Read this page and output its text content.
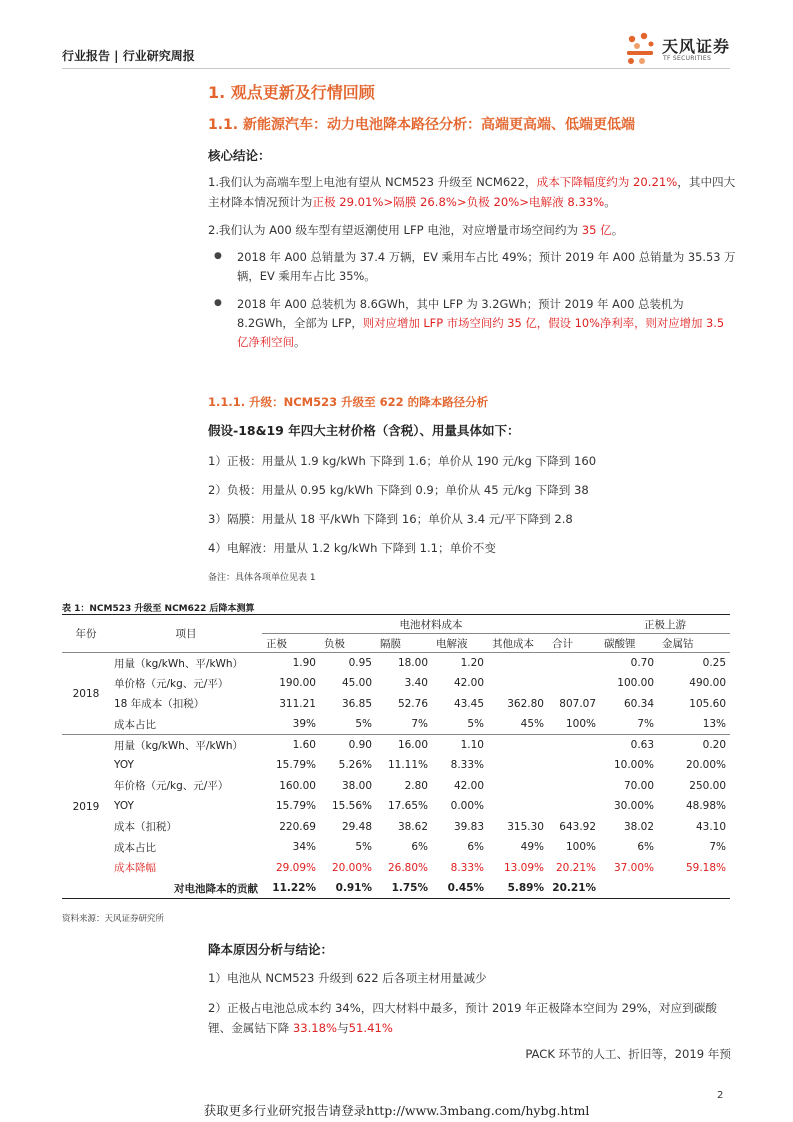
行业报告 | 行业研究周报	天风证券
TF SECURITIES
1. 观点更新及行情回顾
1.1. 新能源汽车：动力电池降本路径分析：高端更高端、低端更低端
核心结论：
1.我们认为高端车型上电池有望从 NCM523 升级至 NCM622，成本下降幅度约为 20.21%，其中四大主材降本情况预计为正极 29.01%>隔膜 26.8%>负极 20%>电解液 8.33%。
2.我们认为 A00 级车型有望返潮使用 LFP 电池，对应增量市场空间约为 35 亿。
● 2018 年 A00 总销量为 37.4 万辆，EV 乘用车占比 49%；预计 2019 年 A00 总销量为 35.53 万辆，EV 乘用车占比 35%。
● 2018 年 A00 总装机为 8.6GWh，其中 LFP 为 3.2GWh；预计 2019 年 A00 总装机为 8.2GWh，全部为 LFP，则对应增加 LFP 市场空间约 35 亿，假设 10%净利率，则对应增加 3.5 亿净利空间。
1.1.1. 升级：NCM523 升级至 622 的降本路径分析
假设-18&19 年四大主材价格（含税）、用量具体如下：
1）正极：用量从 1.9 kg/kWh 下降到 1.6；单价从 190 元/kg 下降到 160
2）负极：用量从 0.95 kg/kWh 下降到 0.9；单价从 45 元/kg 下降到 38
3）隔膜：用量从 18 平/kWh 下降到 16；单价从 3.4 元/平下降到 2.8
4）电解液：用量从 1.2 kg/kWh 下降到 1.1；单价不变
备注：具体各项单位见表 1
表 1：NCM523 升级至 NCM622 后降本测算
年份	项目	电池材料成本						正极上游	
		正极	负极	隔膜	电解液	其他成本	合计	碳酸锂	金属钴
2018	用量（kg/kWh、平/kWh）	1.90	0.95	18.00	1.20			0.70	0.25
	单价格（元/kg、元/平）	190.00	45.00	3.40	42.00			100.00	490.00
	18 年成本（扣税）	311.21	36.85	52.76	43.45	362.80	807.07	60.34	105.60
	成本占比	39%	5%	7%	5%	45%	100%	7%	13%
2019	用量（kg/kWh、平/kWh）	1.60	0.90	16.00	1.10			0.63	0.20
	YOY	15.79%	5.26%	11.11%	8.33%			10.00%	20.00%
	年价格（元/kg、元/平）	160.00	38.00	2.80	42.00			70.00	250.00
	YOY	15.79%	15.56%	17.65%	0.00%			30.00%	48.98%
	成本（扣税）	220.69	29.48	38.62	39.83	315.30	643.92	38.02	43.10
	成本占比	34%	5%	6%	6%	49%	100%	6%	7%
	成本降幅	29.09%	20.00%	26.80%	8.33%	13.09%	20.21%	37.00%	59.18%
	对电池降本的贡献	11.22%	0.91%	1.75%	0.45%	5.89%	20.21%		
资料来源：天风证券研究所
降本原因分析与结论：
1）电池从 NCM523 升级到 622 后各项主材用量减少
2）正极占电池总成本约 34%，四大材料中最多，预计 2019 年正极降本空间为 29%，对应到碳酸锂、金属钴下降 33.18%与51.41%
PACK 环节的人工、折旧等，2019 年预
2
获取更多行业研究报告请登录http://www.3mbang.com/hybg.html
